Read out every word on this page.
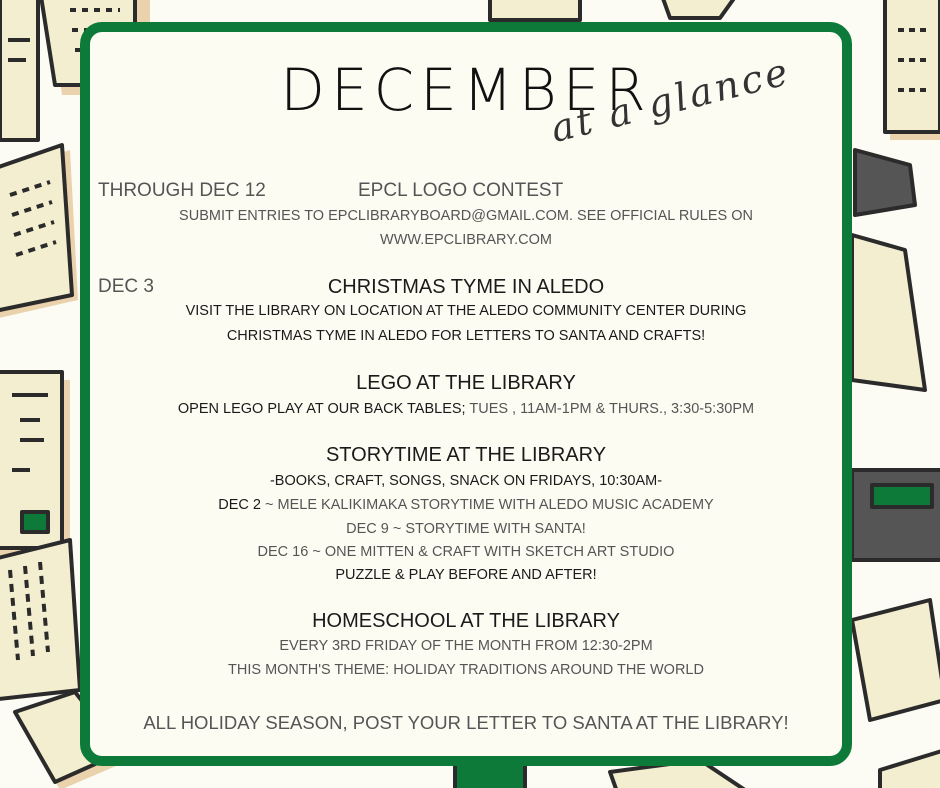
DECEMBER
at a glance
THROUGH DEC 12	EPCL LOGO CONTEST
SUBMIT ENTRIES TO EPCLIBRARYBOARD@GMAIL.COM. SEE OFFICIAL RULES ON
WWW.EPCLIBRARY.COM
DEC 3	CHRISTMAS TYME IN ALEDO
VISIT THE LIBRARY ON LOCATION AT THE ALEDO COMMUNITY CENTER DURING
CHRISTMAS TYME IN ALEDO FOR LETTERS TO SANTA AND CRAFTS!
LEGO AT THE LIBRARY
OPEN LEGO PLAY AT OUR BACK TABLES; TUES , 11AM-1PM & THURS., 3:30-5:30PM
STORYTIME AT THE LIBRARY
-BOOKS, CRAFT, SONGS, SNACK ON FRIDAYS, 10:30AM-
DEC 2 ~ MELE KALIKIMAKA STORYTIME WITH ALEDO MUSIC ACADEMY
DEC 9 ~ STORYTIME WITH SANTA!
DEC 16 ~ ONE MITTEN & CRAFT WITH SKETCH ART STUDIO
PUZZLE & PLAY BEFORE AND AFTER!
HOMESCHOOL AT THE LIBRARY
EVERY 3RD FRIDAY OF THE MONTH FROM 12:30-2PM
THIS MONTH'S THEME: HOLIDAY TRADITIONS AROUND THE WORLD
ALL HOLIDAY SEASON, POST YOUR LETTER TO SANTA AT THE LIBRARY!
